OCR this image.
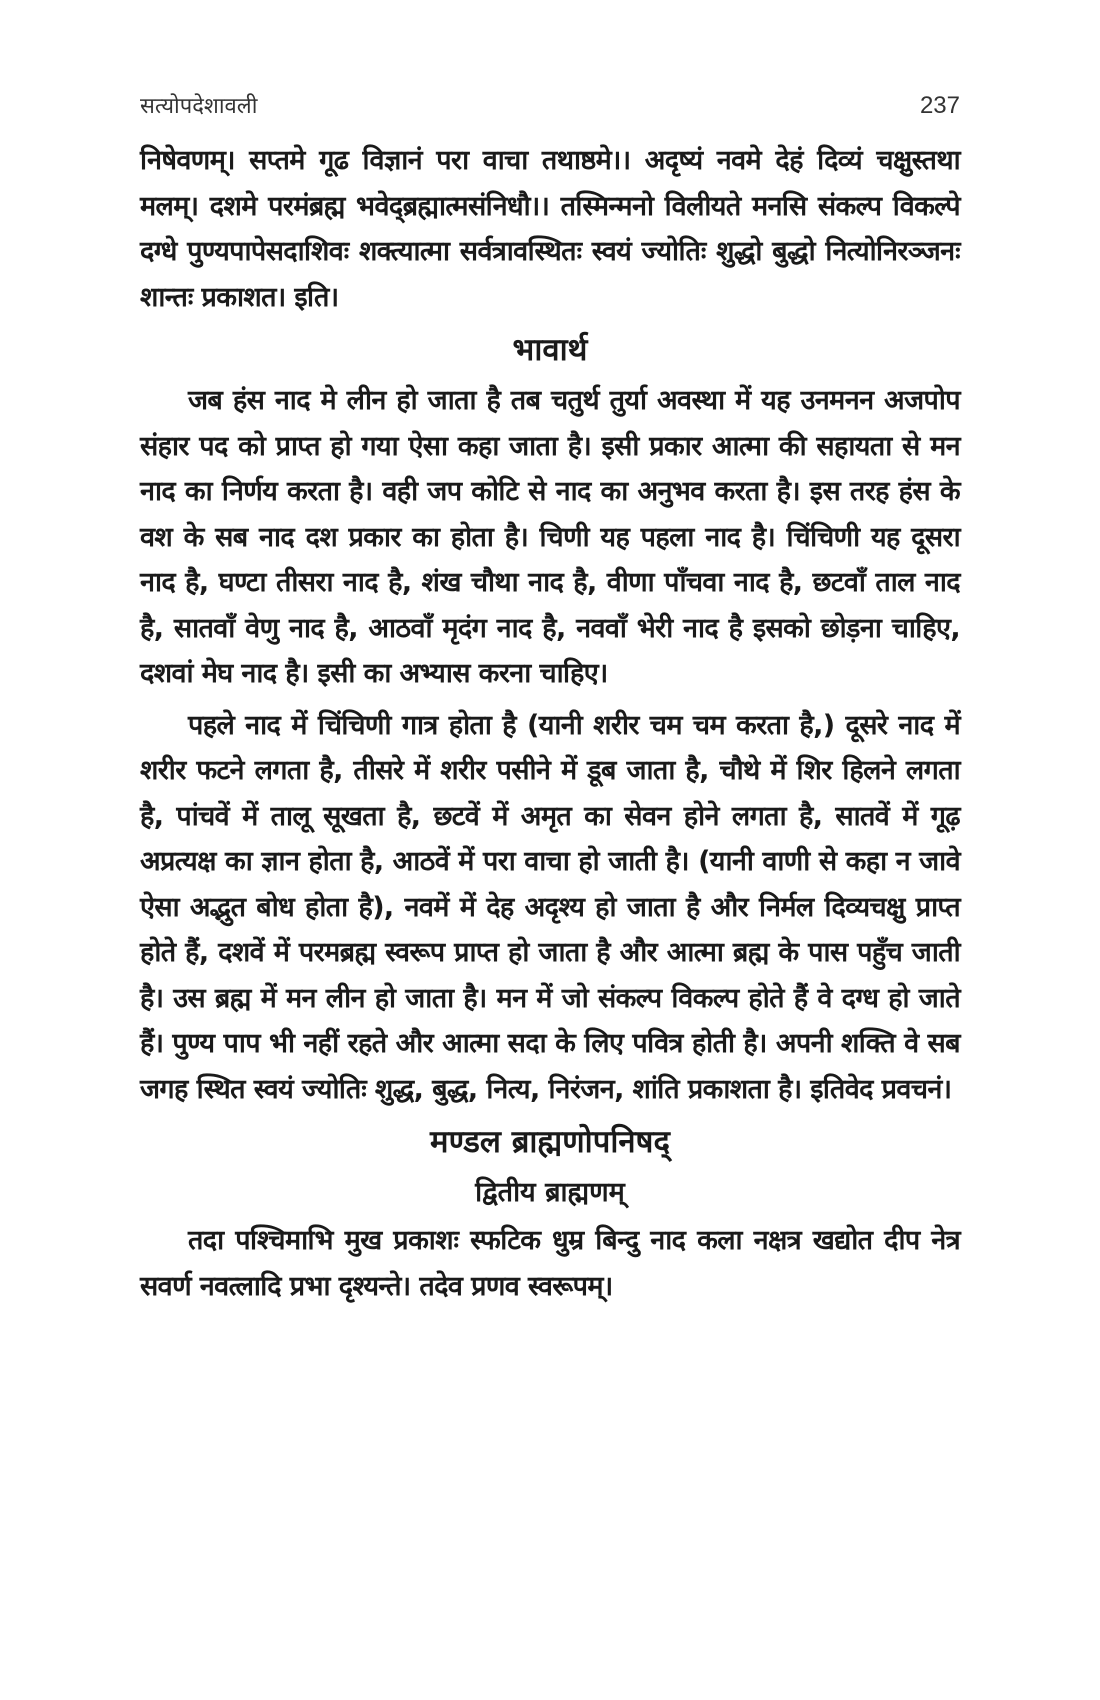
सत्योपदेशावली	237

निषेवणम्। सप्तमे गूढ विज्ञानं परा वाचा तथाष्ठमे।। अदृष्यं नवमे देहं दिव्यं चक्षुस्तथा मलम्। दशमे परमंब्रह्म भवेद्ब्रह्मात्मसंनिधौ।। तस्मिन्मनो विलीयते मनसि संकल्प विकल्पे दग्धे पुण्यपापेसदाशिवः शक्त्यात्मा सर्वत्रावस्थितः स्वयं ज्योतिः शुद्धो बुद्धो नित्योनिरञ्जनः शान्तः प्रकाशत। इति।

भावार्थ

जब हंस नाद मे लीन हो जाता है तब चतुर्थ तुर्या अवस्था में यह उनमनन अजपोप संहार पद को प्राप्त हो गया ऐसा कहा जाता है। इसी प्रकार आत्मा की सहायता से मन नाद का निर्णय करता है। वही जप कोटि से नाद का अनुभव करता है। इस तरह हंस के वश के सब नाद दश प्रकार का होता है। चिणी यह पहला नाद है। चिंचिणी यह दूसरा नाद है, घण्टा तीसरा नाद है, शंख चौथा नाद है, वीणा पाँचवा नाद है, छटवाँ ताल नाद है, सातवाँ वेणु नाद है, आठवाँ मृदंग नाद है, नववाँ भेरी नाद है इसको छोड़ना चाहिए, दशवां मेघ नाद है। इसी का अभ्यास करना चाहिए।

पहले नाद में चिंचिणी गात्र होता है (यानी शरीर चम चम करता है,) दूसरे नाद में शरीर फटने लगता है, तीसरे में शरीर पसीने में डूब जाता है, चौथे में शिर हिलने लगता है, पांचवें में तालू सूखता है, छटवें में अमृत का सेवन होने लगता है, सातवें में गूढ़ अप्रत्यक्ष का ज्ञान होता है, आठवें में परा वाचा हो जाती है। (यानी वाणी से कहा न जावे ऐसा अद्भुत बोध होता है), नवमें में देह अदृश्य हो जाता है और निर्मल दिव्यचक्षु प्राप्त होते हैं, दशवें में परमब्रह्म स्वरूप प्राप्त हो जाता है और आत्मा ब्रह्म के पास पहुँच जाती है। उस ब्रह्म में मन लीन हो जाता है। मन में जो संकल्प विकल्प होते हैं वे दग्ध हो जाते हैं। पुण्य पाप भी नहीं रहते और आत्मा सदा के लिए पवित्र होती है। अपनी शक्ति वे सब जगह स्थित स्वयं ज्योतिः शुद्ध, बुद्ध, नित्य, निरंजन, शांति प्रकाशता है। इतिवेद प्रवचनं।

मण्डल ब्राह्मणोपनिषद्
द्वितीय ब्राह्मणम्

तदा पश्चिमाभि मुख प्रकाशः स्फटिक धुम्र बिन्दु नाद कला नक्षत्र खद्योत दीप नेत्र सवर्ण नवत्लादि प्रभा दृश्यन्ते। तदेव प्रणव स्वरूपम्।
